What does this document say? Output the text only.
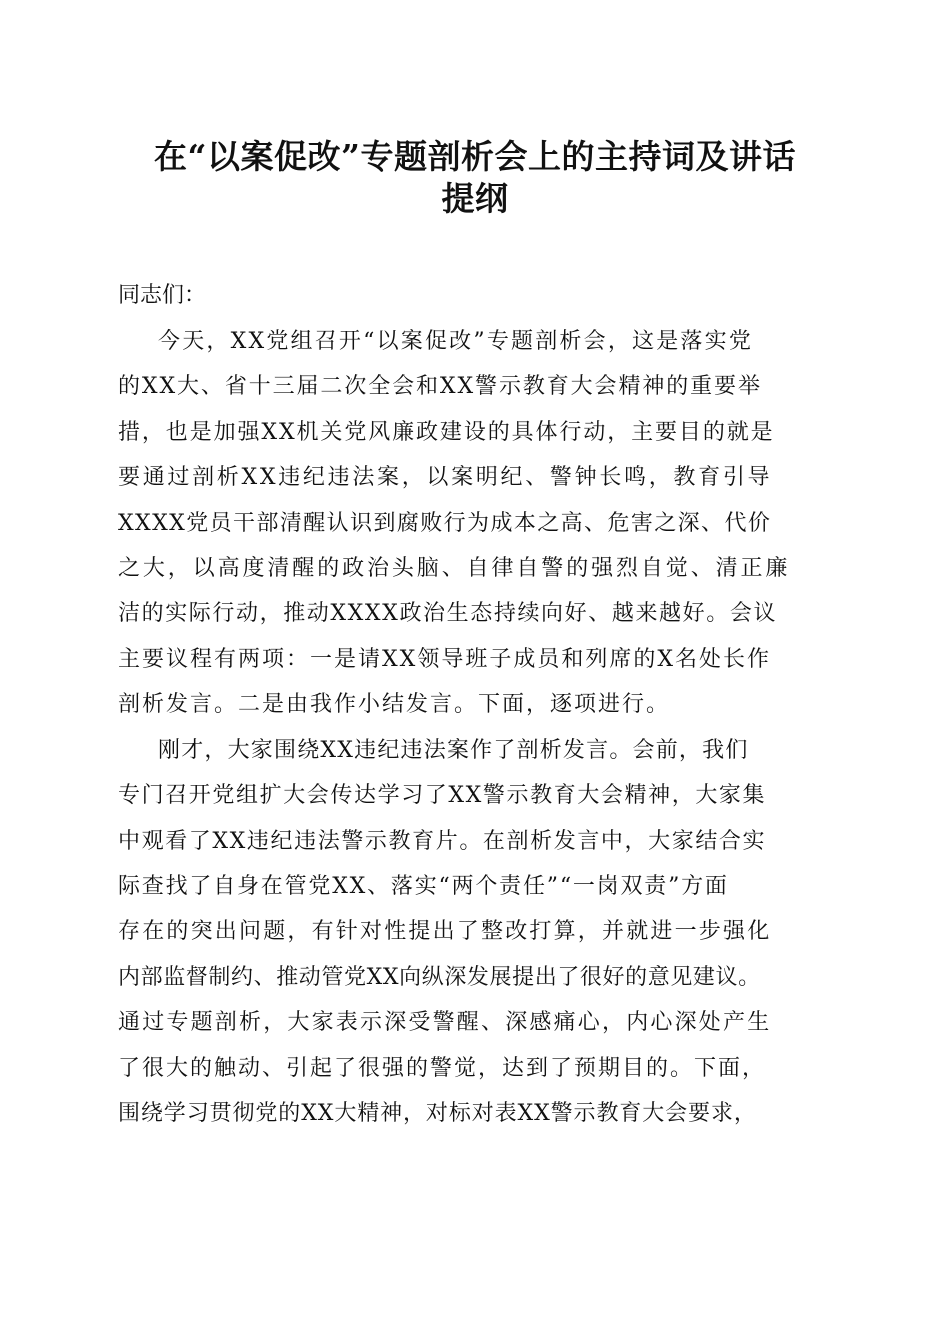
在“以案促改”专题剖析会上的主持词及讲话
提纲
同志们：
今天，XX党组召开“以案促改”专题剖析会，这是落实党
的XX大、省十三届二次全会和XX警示教育大会精神的重要举
措，也是加强XX机关党风廉政建设的具体行动，主要目的就是
要通过剖析XX违纪违法案，以案明纪、警钟长鸣，教育引导
XXXX党员干部清醒认识到腐败行为成本之高、危害之深、代价
之大，以高度清醒的政治头脑、自律自警的强烈自觉、清正廉
洁的实际行动，推动XXXX政治生态持续向好、越来越好。会议
主要议程有两项：一是请XX领导班子成员和列席的X名处长作
剖析发言。二是由我作小结发言。下面，逐项进行。
刚才，大家围绕XX违纪违法案作了剖析发言。会前，我们
专门召开党组扩大会传达学习了XX警示教育大会精神，大家集
中观看了XX违纪违法警示教育片。在剖析发言中，大家结合实
际查找了自身在管党XX、落实“两个责任”“一岗双责”方面
存在的突出问题，有针对性提出了整改打算，并就进一步强化
内部监督制约、推动管党XX向纵深发展提出了很好的意见建议。
通过专题剖析，大家表示深受警醒、深感痛心，内心深处产生
了很大的触动、引起了很强的警觉，达到了预期目的。下面，
围绕学习贯彻党的XX大精神，对标对表XX警示教育大会要求，
